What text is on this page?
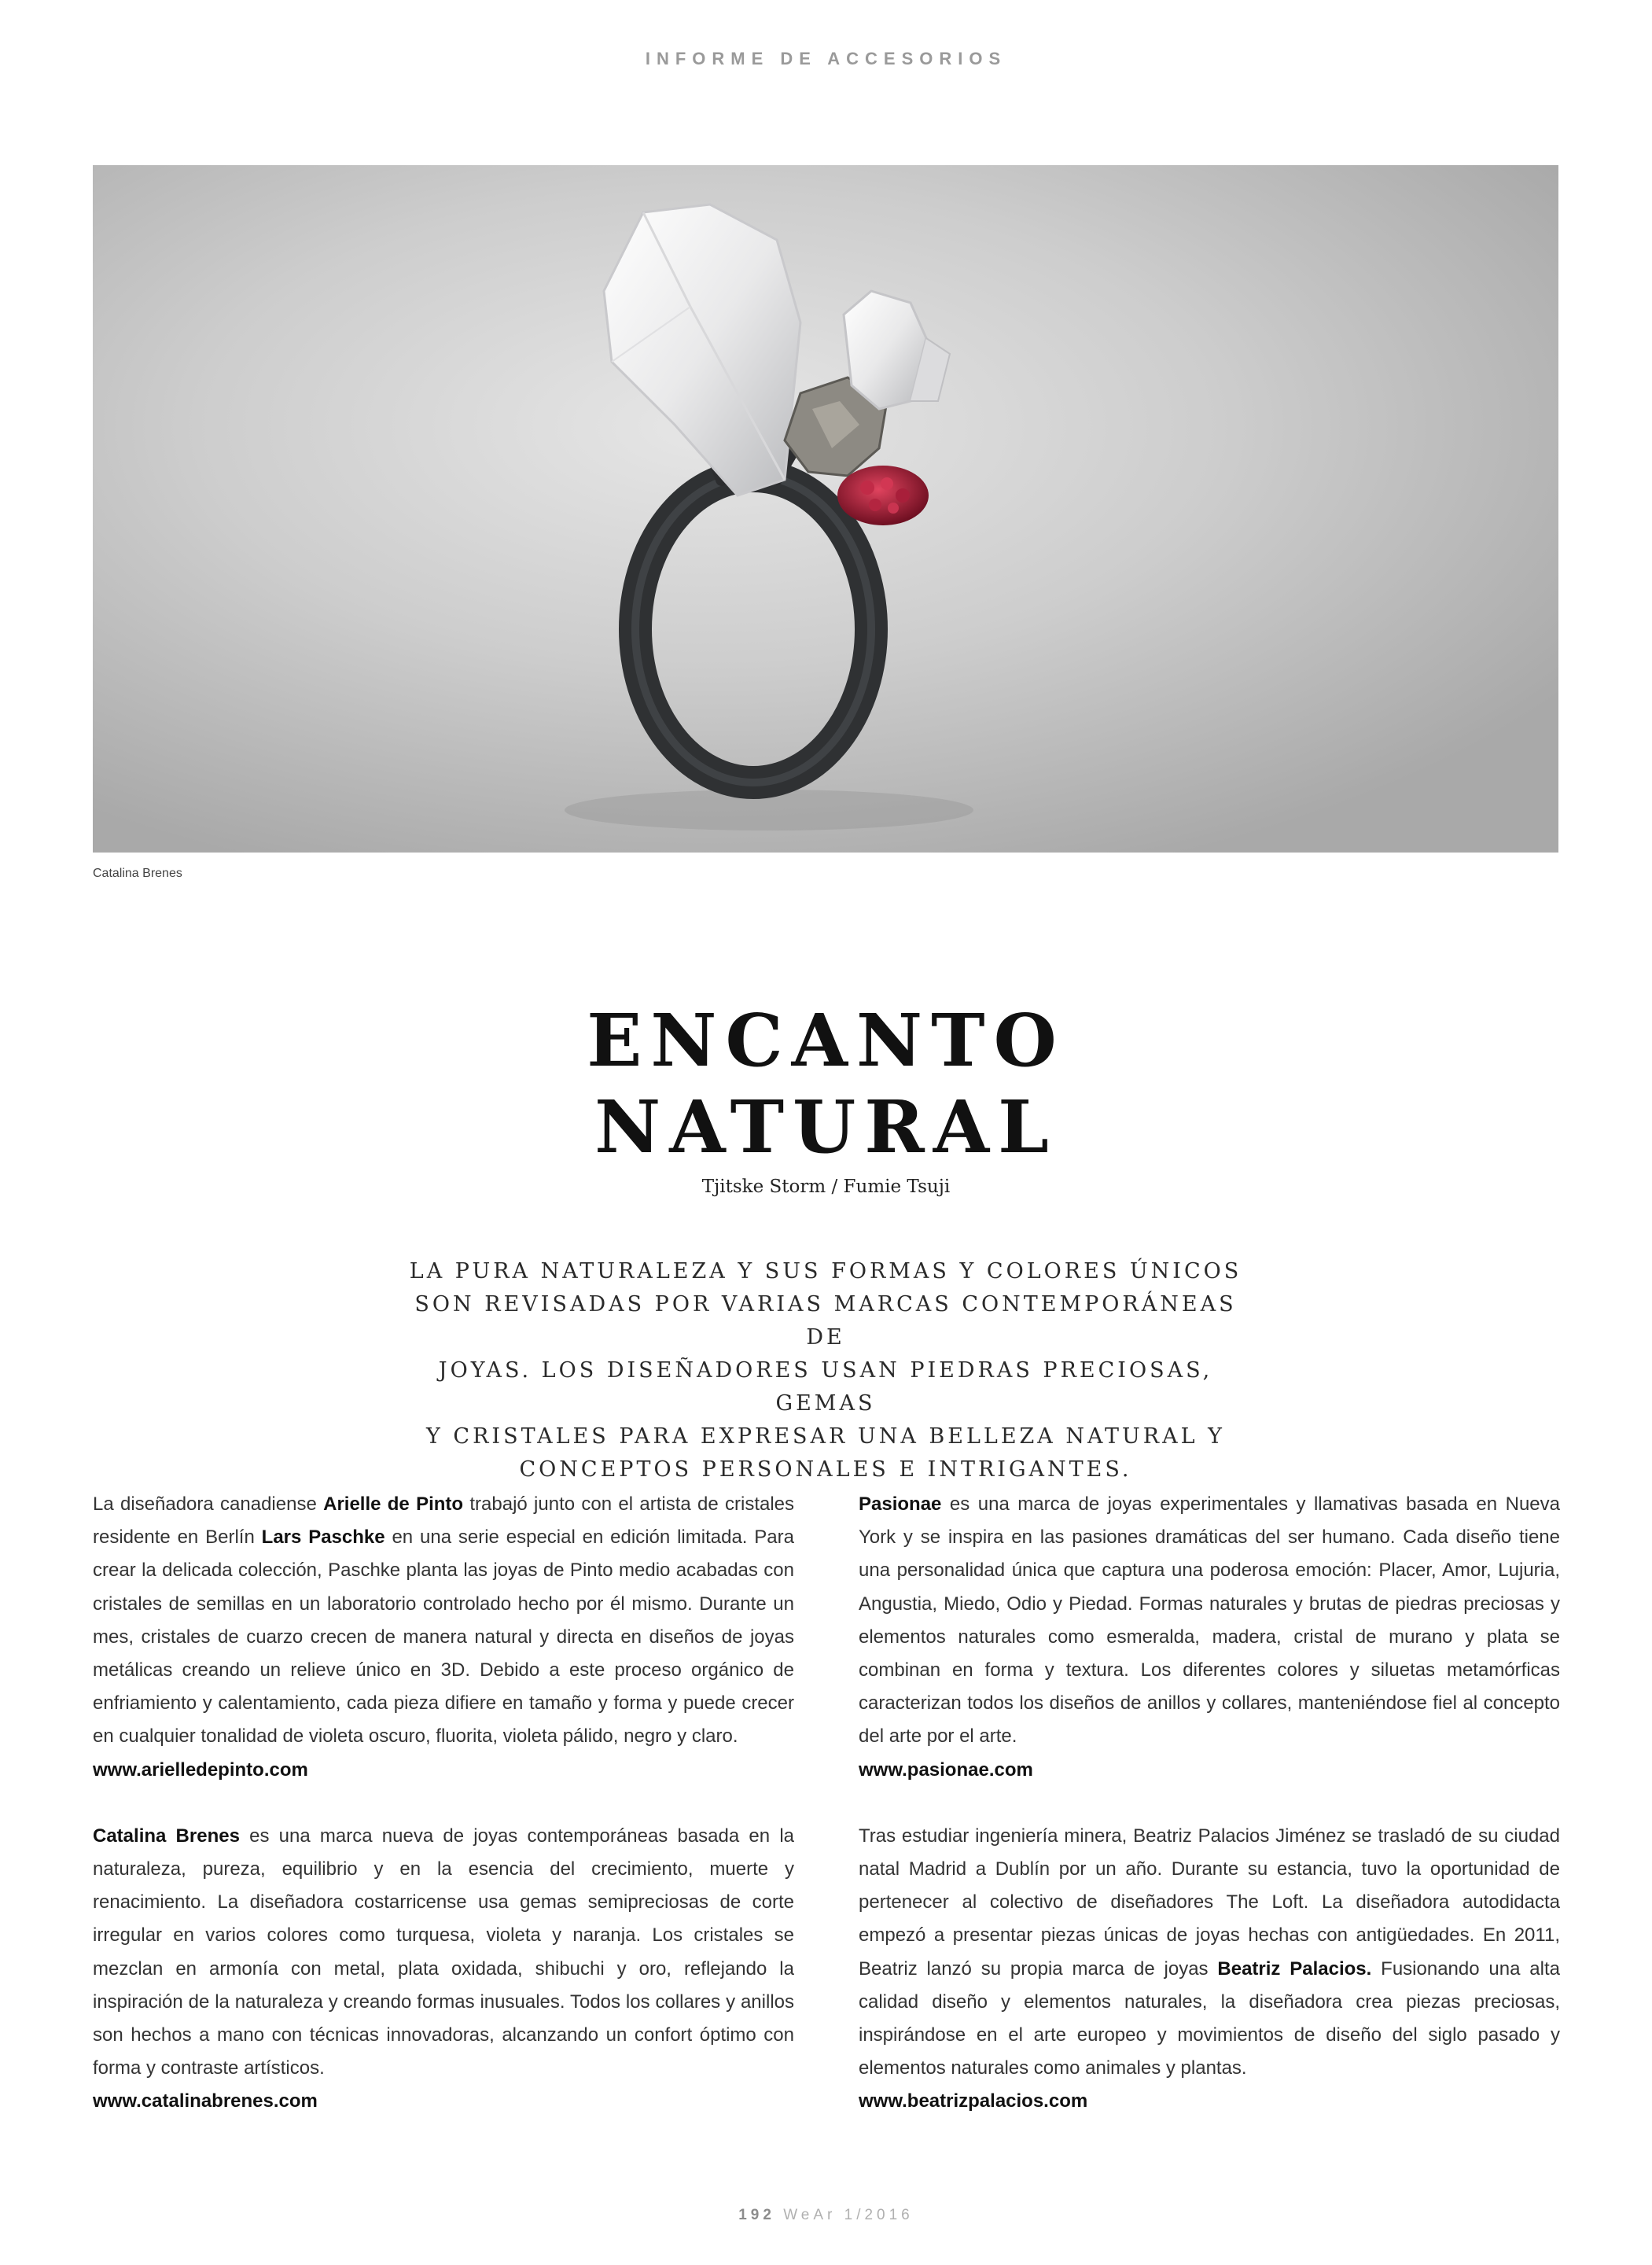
INFORME DE ACCESORIOS
Catalina Brenes
ENCANTO
NATURAL
Tjitske Storm / Fumie Tsuji
LA PURA NATURALEZA Y SUS FORMAS Y COLORES ÚNICOS
SON REVISADAS POR VARIAS MARCAS CONTEMPORÁNEAS DE
JOYAS. LOS DISEÑADORES USAN PIEDRAS PRECIOSAS, GEMAS
Y CRISTALES PARA EXPRESAR UNA BELLEZA NATURAL Y
CONCEPTOS PERSONALES E INTRIGANTES.

La diseñadora canadiense Arielle de Pinto trabajó junto con el artista de cristales residente en Berlín Lars Paschke en una serie especial en edición limitada. Para crear la delicada colección, Paschke planta las joyas de Pinto medio acabadas con cristales de semillas en un laboratorio controlado hecho por él mismo. Durante un mes, cristales de cuarzo crecen de manera natural y directa en diseños de joyas metálicas creando un relieve único en 3D. Debido a este proceso orgánico de enfriamiento y calentamiento, cada pieza difiere en tamaño y forma y puede crecer en cualquier tonalidad de violeta oscuro, fluorita, violeta pálido, negro y claro.

www.arielledepinto.com

Catalina Brenes es una marca nueva de joyas contemporáneas basada en la naturaleza, pureza, equilibrio y en la esencia del crecimiento, muerte y renacimiento. La diseñadora costarricense usa gemas semipreciosas de corte irregular en varios colores como turquesa, violeta y naranja. Los cristales se mezclan en armonía con metal, plata oxidada, shibuchi y oro, reflejando la inspiración de la naturaleza y creando formas inusuales. Todos los collares y anillos son hechos a mano con técnicas innovadoras, alcanzando un confort óptimo con forma y contraste artísticos.

www.catalinabrenes.com

Pasionae es una marca de joyas experimentales y llamativas basada en Nueva York y se inspira en las pasiones dramáticas del ser humano. Cada diseño tiene una personalidad única que captura una poderosa emoción: Placer, Amor, Lujuria, Angustia, Miedo, Odio y Piedad. Formas naturales y brutas de piedras preciosas y elementos naturales como esmeralda, madera, cristal de murano y plata se combinan en forma y textura. Los diferentes colores y siluetas metamórficas caracterizan todos los diseños de anillos y collares, manteniéndose fiel al concepto del arte por el arte.

www.pasionae.com

Tras estudiar ingeniería minera, Beatriz Palacios Jiménez se trasladó de su ciudad natal Madrid a Dublín por un año. Durante su estancia, tuvo la oportunidad de pertenecer al colectivo de diseñadores The Loft. La diseñadora autodidacta empezó a presentar piezas únicas de joyas hechas con antigüedades. En 2011, Beatriz lanzó su propia marca de joyas Beatriz Palacios. Fusionando una alta calidad diseño y elementos naturales, la diseñadora crea piezas preciosas, inspirándose en el arte europeo y movimientos de diseño del siglo pasado y elementos naturales como animales y plantas.

www.beatrizpalacios.com

192 WeAr 1/2016
